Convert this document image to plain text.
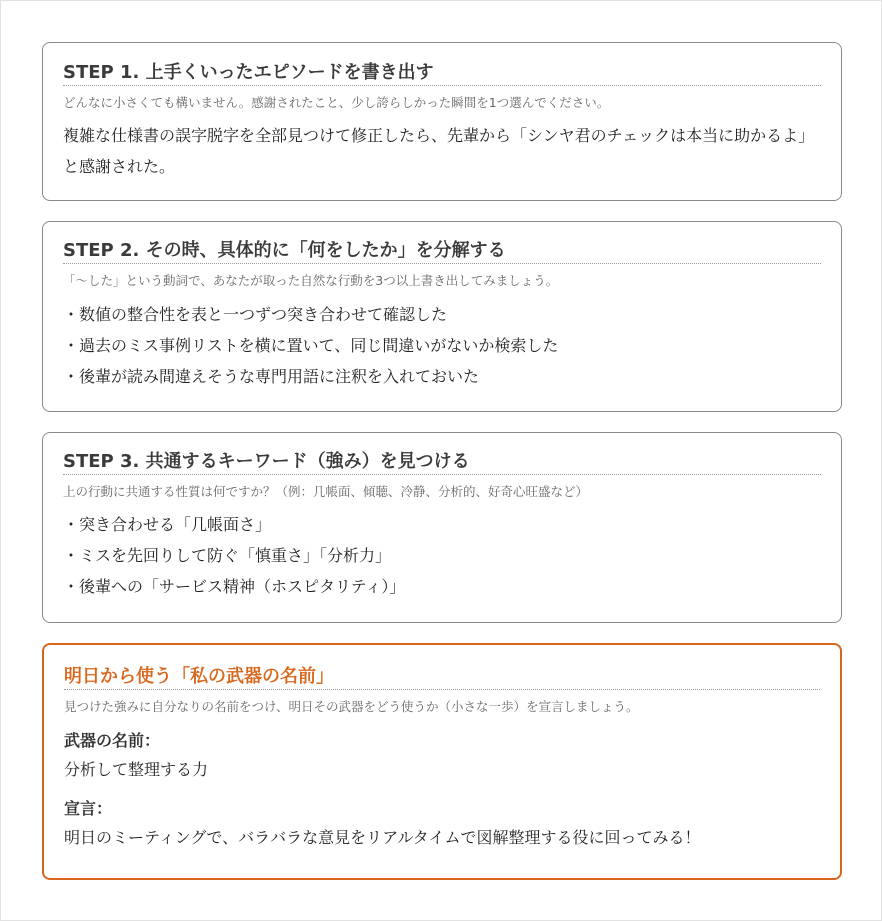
STEP 1. 上手くいったエピソードを書き出す

どんなに小さくても構いません。感謝されたこと、少し誇らしかった瞬間を1つ選んでください。

複雑な仕様書の誤字脱字を全部見つけて修正したら、先輩から「シンヤ君のチェックは本当に助かるよ」と感謝された。

STEP 2. その時、具体的に「何をしたか」を分解する

「〜した」という動詞で、あなたが取った自然な行動を3つ以上書き出してみましょう。

・数値の整合性を表と一つずつ突き合わせて確認した
・過去のミス事例リストを横に置いて、同じ間違いがないか検索した
・後輩が読み間違えそうな専門用語に注釈を入れておいた
STEP 3. 共通するキーワード（強み）を見つける

上の行動に共通する性質は何ですか？（例：几帳面、傾聴、冷静、分析的、好奇心旺盛など）

・突き合わせる「几帳面さ」
・ミスを先回りして防ぐ「慎重さ」「分析力」
・後輩への「サービス精神（ホスピタリティ）」
明日から使う「私の武器の名前」

見つけた強みに自分なりの名前をつけ、明日その武器をどう使うか（小さな一歩）を宣言しましょう。

武器の名前：

分析して整理する力

宣言：

明日のミーティングで、バラバラな意見をリアルタイムで図解整理する役に回ってみる！
